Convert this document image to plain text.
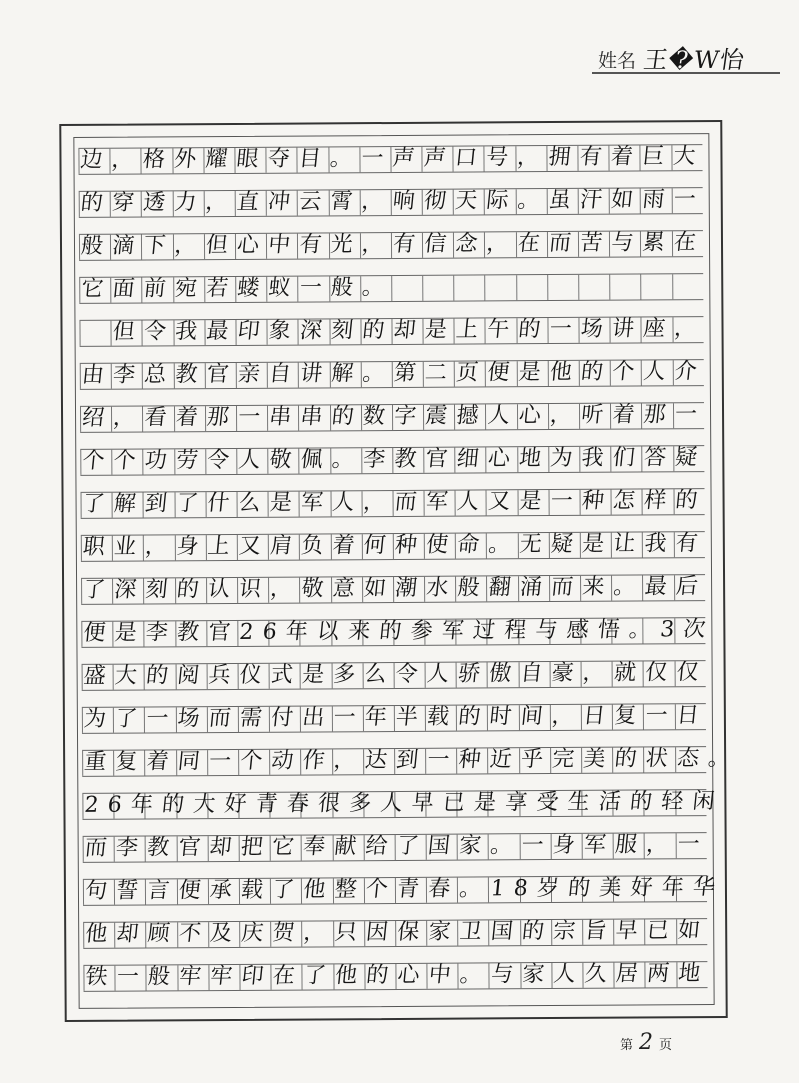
姓名 王�W怡
边，格外耀眼夺目。一声声口号，拥有着巨大
的穿透力，直冲云霄，响彻天际。虽汗如雨一
般滴下，但心中有光，有信念，在而苦与累在
它面前宛若蝼蚁一般。
　但令我最印象深刻的却是上午的一场讲座，
由李总教官亲自讲解。第二页便是他的个人介
绍，看着那一串串的数字震撼人心，听着那一
个个功劳令人敬佩。李教官细心地为我们答疑
了解到了什么是军人，而军人又是一种怎样的
职业，身上又肩负着何种使命。无疑是让我有
了深刻的认识，敬意如潮水般翻涌而来。最后
便是李教官26年以来的参军过程与感悟。3次
盛大的阅兵仪式是多么令人骄傲自豪，就仅仅
为了一场而需付出一年半载的时间，日复一日
重复着同一个动作，达到一种近乎完美的状态。
26年的大好青春很多人早已是享受生活的轻闲
而李教官却把它奉献给了国家。一身军服，一
句誓言便承载了他整个青春。18岁的美好年华
他却顾不及庆贺，只因保家卫国的宗旨早已如
铁一般牢牢印在了他的心中。与家人久居两地
第 2 页
